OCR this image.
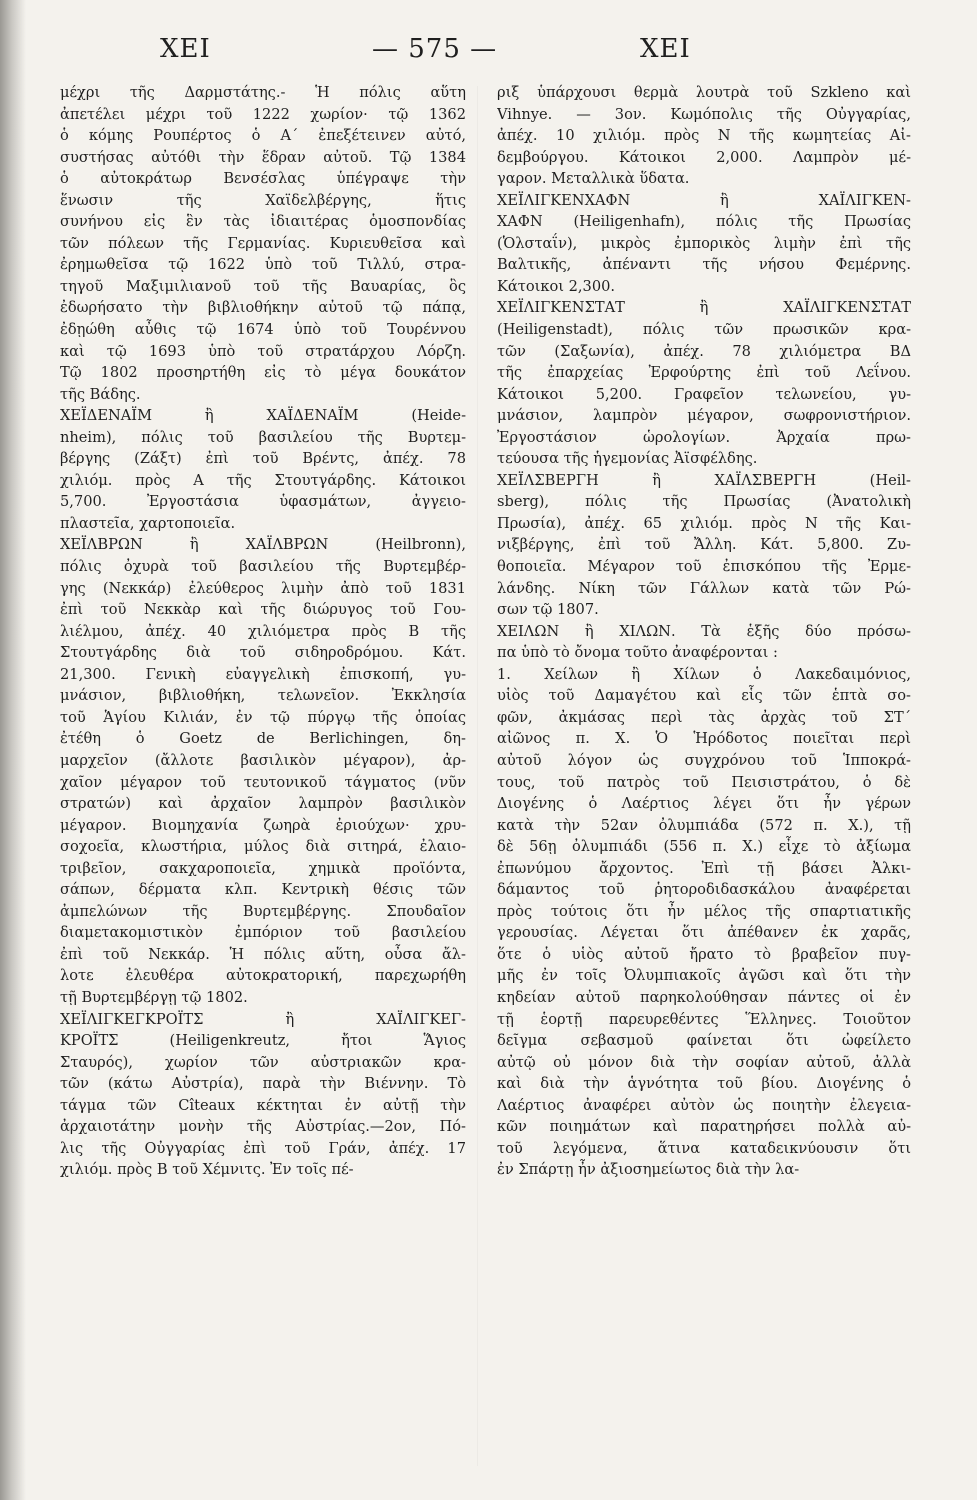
ΧΕΙ	— 575 —	ΧΕΙ

μέχρι τῆς Δαρμστάτης.- Ἡ πόλις αὕτη
ἀπετέλει μέχρι τοῦ 1222 χωρίον· τῷ 1362
ὁ κόμης Ρουπέρτος ὁ Α΄ ἐπεξέτεινεν αὐτό,
συστήσας αὐτόθι τὴν ἕδραν αὐτοῦ. Τῷ 1384
ὁ αὐτοκράτωρ Βενσέσλας ὑπέγραψε τὴν
ἕνωσιν τῆς Χαϊδελβέργης, ἥτις
συνήνου εἰς ἓν τὰς ἰδιαιτέρας ὁμοσπονδίας
τῶν πόλεων τῆς Γερμανίας. Κυριευθεῖσα καὶ
ἐρημωθεῖσα τῷ 1622 ὑπὸ τοῦ Τιλλύ, στρα-
τηγοῦ Μαξιμιλιανοῦ τοῦ τῆς Βαυαρίας, ὃς
ἐδωρήσατο τὴν βιβλιοθήκην αὐτοῦ τῷ πάπᾳ,
ἐδῃώθη αὖθις τῷ 1674 ὑπὸ τοῦ Τουρέννου
καὶ τῷ 1693 ὑπὸ τοῦ στρατάρχου Λόρζη.
Τῷ 1802 προσηρτήθη εἰς τὸ μέγα δουκάτον
τῆς Βάδης.

ΧΕΪΔΕΝΑΪΜ ἢ ΧΑΪΔΕΝΑΪΜ (Heide-
nheim), πόλις τοῦ βασιλείου τῆς Βυρτεμ-
βέργης (Ζάξτ) ἐπὶ τοῦ Βρέντς, ἀπέχ. 78
χιλιόμ. πρὸς Α τῆς Στουτγάρδης. Κάτοικοι
5,700. Ἐργοστάσια ὑφασμάτων, ἀγγειο-
πλαστεῖα, χαρτοποιεῖα.

ΧΕΪΛΒΡΩΝ ἢ ΧΑΪΛΒΡΩΝ (Heilbronn),
πόλις ὀχυρὰ τοῦ βασιλείου τῆς Βυρτεμβέρ-
γης (Νεκκάρ) ἐλεύθερος λιμὴν ἀπὸ τοῦ 1831
ἐπὶ τοῦ Νεκκὰρ καὶ τῆς διώρυγος τοῦ Γου-
λιέλμου, ἀπέχ. 40 χιλιόμετρα πρὸς Β τῆς
Στουτγάρδης διὰ τοῦ σιδηροδρόμου. Κάτ.
21,300. Γενικὴ εὐαγγελικὴ ἐπισκοπή, γυ-
μνάσιον, βιβλιοθήκη, τελωνεῖον. Ἐκκλησία
τοῦ Ἁγίου Κιλιάν, ἐν τῷ πύργῳ τῆς ὁποίας
ἐτέθη ὁ Goetz de Berlichingen, δη-
μαρχεῖον (ἄλλοτε βασιλικὸν μέγαρον), ἀρ-
χαῖον μέγαρον τοῦ τευτονικοῦ τάγματος (νῦν
στρατών) καὶ ἀρχαῖον λαμπρὸν βασιλικὸν
μέγαρον. Βιομηχανία ζωηρὰ ἐριούχων· χρυ-
σοχοεῖα, κλωστήρια, μύλος διὰ σιτηρά, ἐλαιο-
τριβεῖον, σακχαροποιεῖα, χημικὰ προϊόντα,
σάπων, δέρματα κλπ. Κεντρικὴ θέσις τῶν
ἀμπελώνων τῆς Βυρτεμβέργης. Σπουδαῖον
διαμετακομιστικὸν ἐμπόριον τοῦ βασιλείου
ἐπὶ τοῦ Νεκκάρ. Ἡ πόλις αὕτη, οὖσα ἄλ-
λοτε ἐλευθέρα αὐτοκρατορική, παρεχωρήθη
τῇ Βυρτεμβέργῃ τῷ 1802.

ΧΕΪΛΙΓΚΕΓΚΡΟΪΤΣ ἢ ΧΑΪΛΙΓΚΕΓ-
ΚΡΟΪΤΣ (Heiligenkreutz, ἤτοι Ἅγιος
Σταυρός), χωρίον τῶν αὐστριακῶν κρα-
τῶν (κάτω Αὐστρία), παρὰ τὴν Βιέννην. Τὸ
τάγμα τῶν Cîteaux κέκτηται ἐν αὐτῇ τὴν
ἀρχαιοτάτην μονὴν τῆς Αὐστρίας.—2ον, Πό-
λις τῆς Οὐγγαρίας ἐπὶ τοῦ Γράν, ἀπέχ. 17
χιλιόμ. πρὸς Β τοῦ Χέμνιτς. Ἐν τοῖς πέ-

ριξ ὑπάρχουσι θερμὰ λουτρὰ τοῦ Szkleno καὶ
Vihnye. — 3ον. Κωμόπολις τῆς Οὐγγαρίας,
ἀπέχ. 10 χιλιόμ. πρὸς Ν τῆς κωμητείας Αἰ-
δεμβούργου. Κάτοικοι 2,000. Λαμπρὸν μέ-
γαρον. Μεταλλικὰ ὕδατα.

ΧΕΪΛΙΓΚΕΝΧΑΦΝ ἢ ΧΑΪΛΙΓΚΕΝ-
ΧΑΦΝ (Heiligenhafn), πόλις τῆς Πρωσίας
(Ὁλσταΐν), μικρὸς ἐμπορικὸς λιμὴν ἐπὶ τῆς
Βαλτικῆς, ἀπέναντι τῆς νήσου Φεμέρνης.
Κάτοικοι 2,300.

ΧΕΪΛΙΓΚΕΝΣΤΑΤ ἢ ΧΑΪΛΙΓΚΕΝΣΤΑΤ
(Heiligenstadt), πόλις τῶν πρωσικῶν κρα-
τῶν (Σαξωνία), ἀπέχ. 78 χιλιόμετρα ΒΔ
τῆς ἐπαρχείας Ἐρφούρτης ἐπὶ τοῦ Λεΐνου.
Κάτοικοι 5,200. Γραφεῖον τελωνείου, γυ-
μνάσιον, λαμπρὸν μέγαρον, σωφρονιστήριον.
Ἐργοστάσιον ὡρολογίων. Ἀρχαία πρω-
τεύουσα τῆς ἡγεμονίας Ἀϊσφέλδης.

ΧΕΪΛΣΒΕΡΓΗ ἢ ΧΑΪΛΣΒΕΡΓΗ (Heil-
sberg), πόλις τῆς Πρωσίας (Ἀνατολικὴ
Πρωσία), ἀπέχ. 65 χιλιόμ. πρὸς Ν τῆς Και-
νιξβέργης, ἐπὶ τοῦ Ἄλλη. Κάτ. 5,800. Ζυ-
θοποιεῖα. Μέγαρον τοῦ ἐπισκόπου τῆς Ἐρμε-
λάνδης. Νίκη τῶν Γάλλων κατὰ τῶν Ρώ-
σων τῷ 1807.

ΧΕΙΛΩΝ ἢ ΧΙΛΩΝ. Τὰ ἑξῆς δύο πρόσω-
πα ὑπὸ τὸ ὄνομα τοῦτο ἀναφέρονται :

1. Χείλων ἢ Χίλων ὁ Λακεδαιμόνιος,
υἱὸς τοῦ Δαμαγέτου καὶ εἷς τῶν ἑπτὰ σο-
φῶν, ἀκμάσας περὶ τὰς ἀρχὰς τοῦ ΣΤ΄
αἰῶνος π. Χ. Ὁ Ἡρόδοτος ποιεῖται περὶ
αὐτοῦ λόγον ὡς συγχρόνου τοῦ Ἱπποκρά-
τους, τοῦ πατρὸς τοῦ Πεισιστράτου, ὁ δὲ
Διογένης ὁ Λαέρτιος λέγει ὅτι ἦν γέρων
κατὰ τὴν 52αν ὀλυμπιάδα (572 π. Χ.), τῇ
δὲ 56ῃ ὀλυμπιάδι (556 π. Χ.) εἶχε τὸ ἀξίωμα
ἐπωνύμου ἄρχοντος. Ἐπὶ τῇ βάσει Ἀλκι-
δάμαντος τοῦ ῥητοροδιδασκάλου ἀναφέρεται
πρὸς τούτοις ὅτι ἦν μέλος τῆς σπαρτιατικῆς
γερουσίας. Λέγεται ὅτι ἀπέθανεν ἐκ χαρᾶς,
ὅτε ὁ υἱὸς αὐτοῦ ἤρατο τὸ βραβεῖον πυγ-
μῆς ἐν τοῖς Ὀλυμπιακοῖς ἀγῶσι καὶ ὅτι τὴν
κηδείαν αὐτοῦ παρηκολούθησαν πάντες οἱ ἐν
τῇ ἑορτῇ παρευρεθέντες Ἕλληνες. Τοιοῦτον
δεῖγμα σεβασμοῦ φαίνεται ὅτι ὠφείλετο
αὐτῷ οὐ μόνον διὰ τὴν σοφίαν αὐτοῦ, ἀλλὰ
καὶ διὰ τὴν ἁγνότητα τοῦ βίου. Διογένης ὁ
Λαέρτιος ἀναφέρει αὐτὸν ὡς ποιητὴν ἐλεγεια-
κῶν ποιημάτων καὶ παρατηρήσει πολλὰ αὐ-
τοῦ λεγόμενα, ἅτινα καταδεικνύουσιν ὅτι
ἐν Σπάρτῃ ἦν ἀξιοσημείωτος διὰ τὴν λα-
